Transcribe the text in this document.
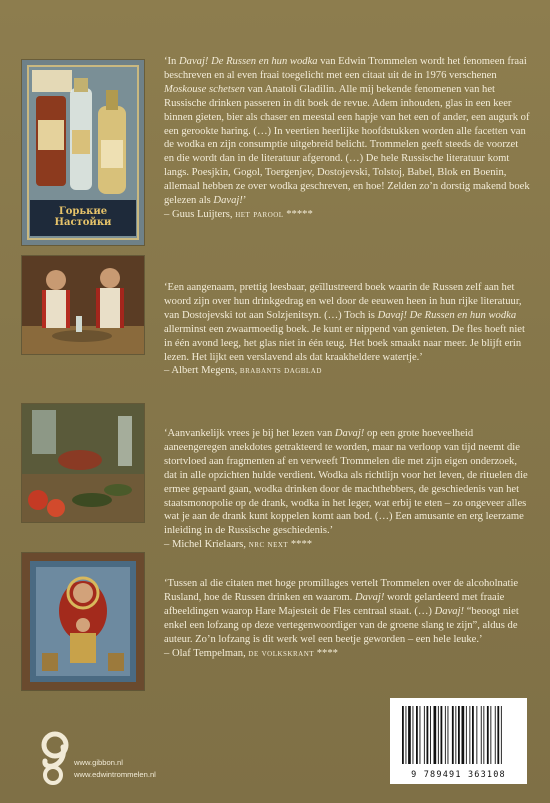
Горькие Настойки

‘In Davaj! De Russen en hun wodka van Edwin Trommelen wordt het fenomeen fraai beschreven en al even fraai toegelicht met een citaat uit de in 1976 verschenen Moskouse schetsen van Anatoli Gladilin. Alle mij bekende fenomenen van het Russische drinken passeren in dit boek de revue. Adem inhouden, glas in een keer binnen gieten, bier als chaser en meestal een hapje van het een of ander, een augurk of een gerookte haring. (…) In veertien heerlijke hoofdstukken worden alle facetten van de wodka en zijn consumptie uitgebreid belicht. Trommelen geeft steeds de voorzet en die wordt dan in de literatuur afgerond. (…) De hele Russische literatuur komt langs. Poesjkin, Gogol, Toergenjev, Dostojevski, Tolstoj, Babel, Blok en Boenin, allemaal hebben ze over wodka geschreven, en hoe! Zelden zo’n dorstig makend boek gelezen als Davaj!’

– Guus Luijters, het parool *****

‘Een aangenaam, prettig leesbaar, geïllustreerd boek waarin de Russen zelf aan het woord zijn over hun drinkgedrag en wel door de eeuwen heen in hun rijke literatuur, van Dostojevski tot aan Solzjenitsyn. (…) Toch is Davaj! De Russen en hun wodka allerminst een zwaarmoedig boek. Je kunt er nippend van genieten. De fles hoeft niet in één avond leeg, het glas niet in één teug. Het boek smaakt naar meer. Je blijft erin lezen. Het lijkt een verslavend als dat kraakheldere watertje.’

– Albert Megens, brabants dagblad

‘Aanvankelijk vrees je bij het lezen van Davaj! op een grote hoeveelheid aaneengeregen anekdotes getrakteerd te worden, maar na verloop van tijd neemt die stortvloed aan fragmenten af en verweeft Trommelen die met zijn eigen onderzoek, dat in alle opzichten hulde verdient. Wodka als richtlijn voor het leven, de rituelen die ermee gepaard gaan, wodka drinken door de machthebbers, de geschiedenis van het staatsmonopolie op de drank, wodka in het leger, wat erbij te eten – zo ongeveer alles wat je aan de drank kunt koppelen komt aan bod. (…) Een amusante en erg leerzame inleiding in de Russische geschiedenis.’

– Michel Krielaars, nrc next ****

‘Tussen al die citaten met hoge promillages vertelt Trommelen over de alcoholnatie Rusland, hoe de Russen drinken en waarom. Davaj! wordt gelardeerd met fraaie afbeeldingen waarop Hare Majesteit de Fles centraal staat. (…) Davaj! “beoogt niet enkel een lofzang op deze vertegenwoordiger van de groene slang te zijn”, aldus de auteur. Zo’n lofzang is dit werk wel een beetje geworden – een hele leuke.’

– Olaf Tempelman, de volkskrant ****

www.gibbon.nl
www.edwintrommelen.nl	9 789491 363108
